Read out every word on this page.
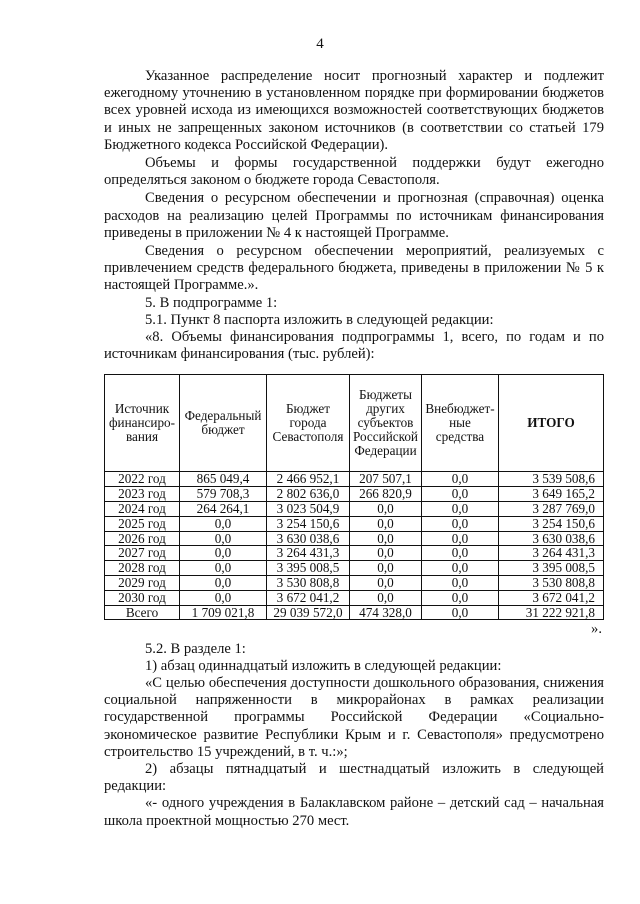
4

Указанное распределение носит прогнозный характер и подлежит ежегодному уточнению в установленном порядке при формировании бюджетов всех уровней исхода из имеющихся возможностей соответствующих бюджетов и иных не запрещенных законом источников (в соответствии со статьей 179 Бюджетного кодекса Российской Федерации).

Объемы и формы государственной поддержки будут ежегодно определяться законом о бюджете города Севастополя.

Сведения о ресурсном обеспечении и прогнозная (справочная) оценка расходов на реализацию целей Программы по источникам финансирования приведены в приложении № 4 к настоящей Программе.

Сведения о ресурсном обеспечении мероприятий, реализуемых с привлечением средств федерального бюджета, приведены в приложении № 5 к настоящей Программе.».

5. В подпрограмме 1:

5.1. Пункт 8 паспорта изложить в следующей редакции:

«8. Объемы финансирования подпрограммы 1, всего, по годам и по источникам финансирования (тыс. рублей):

Источник финансиро-вания	Федеральный бюджет	Бюджет города Севастополя	Бюджеты других субъектов Российской Федерации	Внебюджет-ные средства	ИТОГО
2022 год	865 049,4	2 466 952,1	207 507,1	0,0	3 539 508,6
2023 год	579 708,3	2 802 636,0	266 820,9	0,0	3 649 165,2
2024 год	264 264,1	3 023 504,9	0,0	0,0	3 287 769,0
2025 год	0,0	3 254 150,6	0,0	0,0	3 254 150,6
2026 год	0,0	3 630 038,6	0,0	0,0	3 630 038,6
2027 год	0,0	3 264 431,3	0,0	0,0	3 264 431,3
2028 год	0,0	3 395 008,5	0,0	0,0	3 395 008,5
2029 год	0,0	3 530 808,8	0,0	0,0	3 530 808,8
2030 год	0,0	3 672 041,2	0,0	0,0	3 672 041,2
Всего	1 709 021,8	29 039 572,0	474 328,0	0,0	31 222 921,8

».

5.2. В разделе 1:

1) абзац одиннадцатый изложить в следующей редакции:

«С целью обеспечения доступности дошкольного образования, снижения социальной напряженности в микрорайонах в рамках реализации государственной программы Российской Федерации «Социально-экономическое развитие Республики Крым и г. Севастополя» предусмотрено строительство 15 учреждений, в т. ч.:»;

2) абзацы пятнадцатый и шестнадцатый изложить в следующей редакции:

«- одного учреждения в Балаклавском районе – детский сад – начальная школа проектной мощностью 270 мест.
